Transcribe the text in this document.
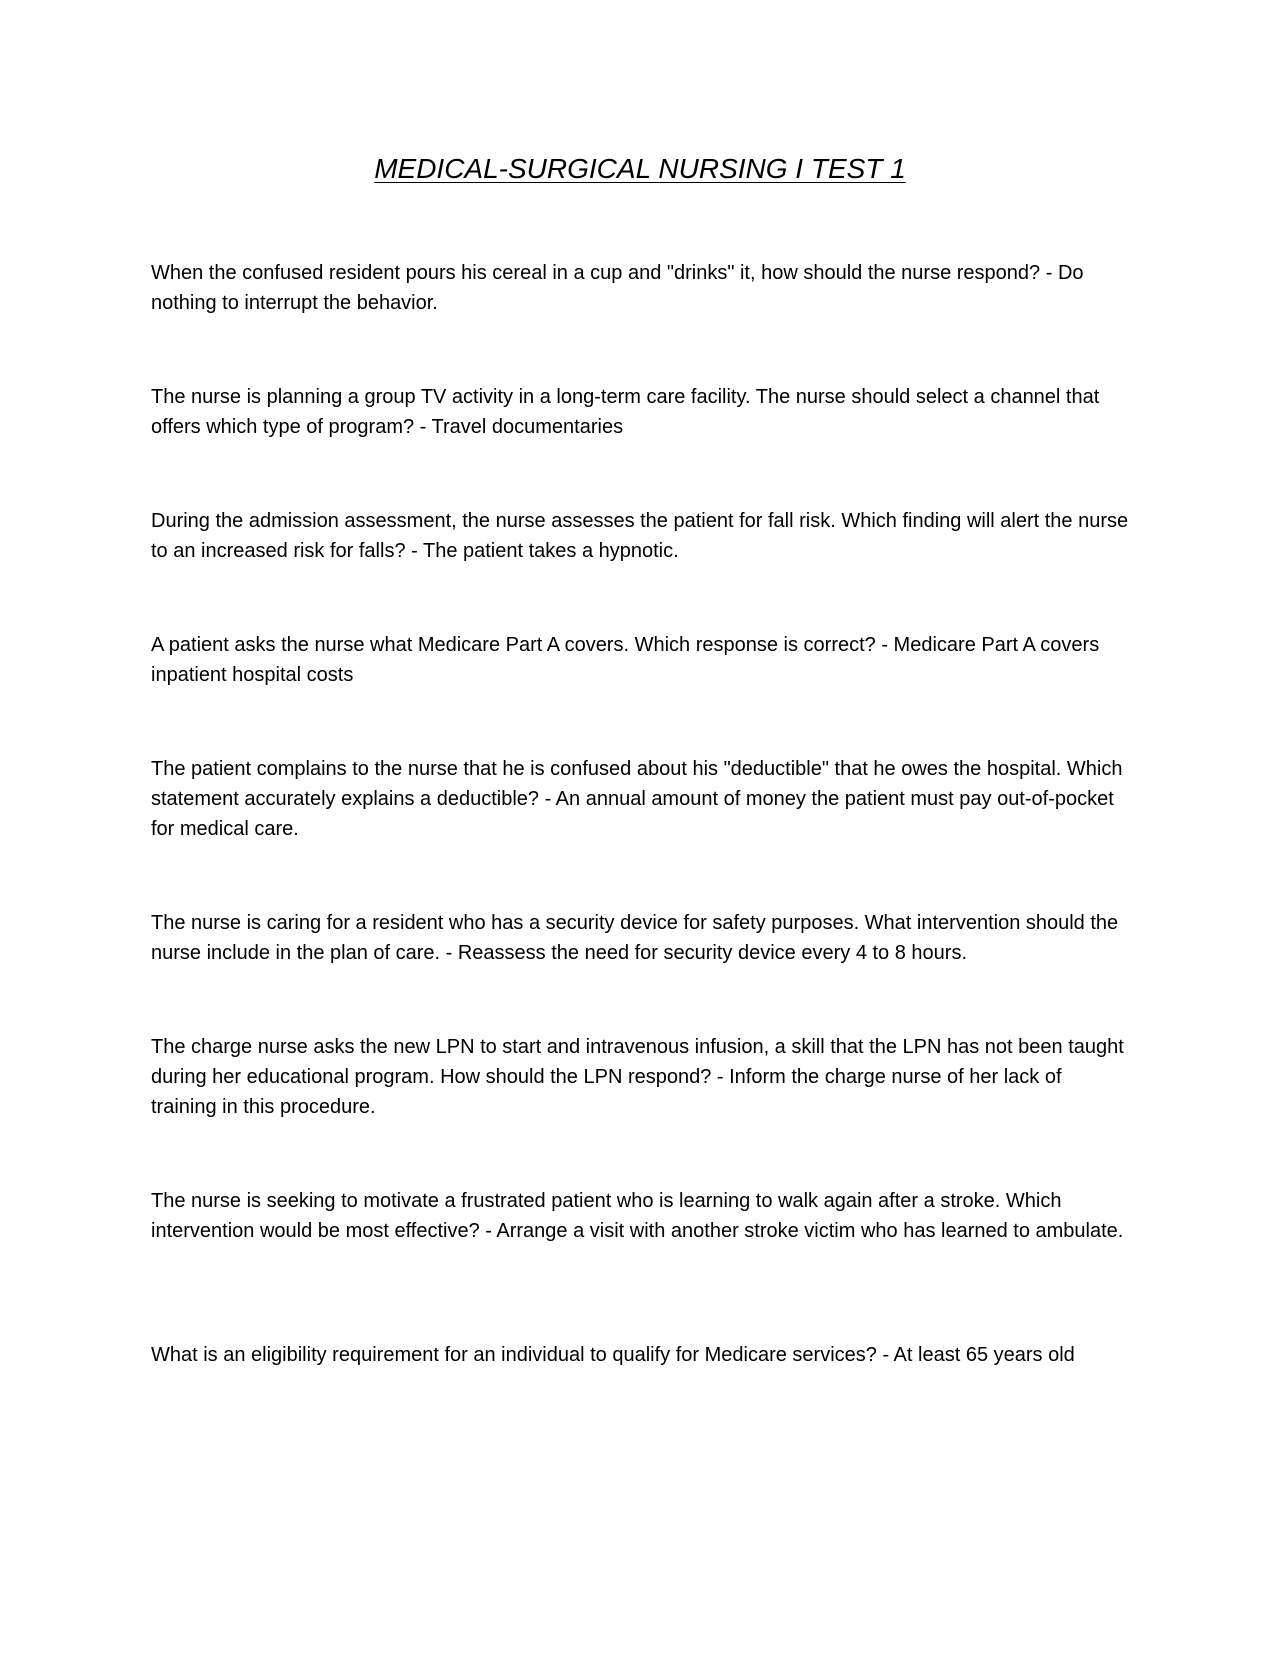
MEDICAL-SURGICAL NURSING I TEST 1

When the confused resident pours his cereal in a cup and "drinks" it, how should the nurse respond? - Do nothing to interrupt the behavior.

The nurse is planning a group TV activity in a long-term care facility. The nurse should select a channel that offers which type of program? - Travel documentaries

During the admission assessment, the nurse assesses the patient for fall risk. Which finding will alert the nurse to an increased risk for falls? - The patient takes a hypnotic.

A patient asks the nurse what Medicare Part A covers. Which response is correct? - Medicare Part A covers inpatient hospital costs

The patient complains to the nurse that he is confused about his "deductible" that he owes the hospital. Which statement accurately explains a deductible? - An annual amount of money the patient must pay out-of-pocket for medical care.

The nurse is caring for a resident who has a security device for safety purposes. What intervention should the nurse include in the plan of care. - Reassess the need for security device every 4 to 8 hours.

The charge nurse asks the new LPN to start and intravenous infusion, a skill that the LPN has not been taught during her educational program. How should the LPN respond? - Inform the charge nurse of her lack of training in this procedure.

The nurse is seeking to motivate a frustrated patient who is learning to walk again after a stroke. Which intervention would be most effective? - Arrange a visit with another stroke victim who has learned to ambulate.

What is an eligibility requirement for an individual to qualify for Medicare services? - At least 65 years old
